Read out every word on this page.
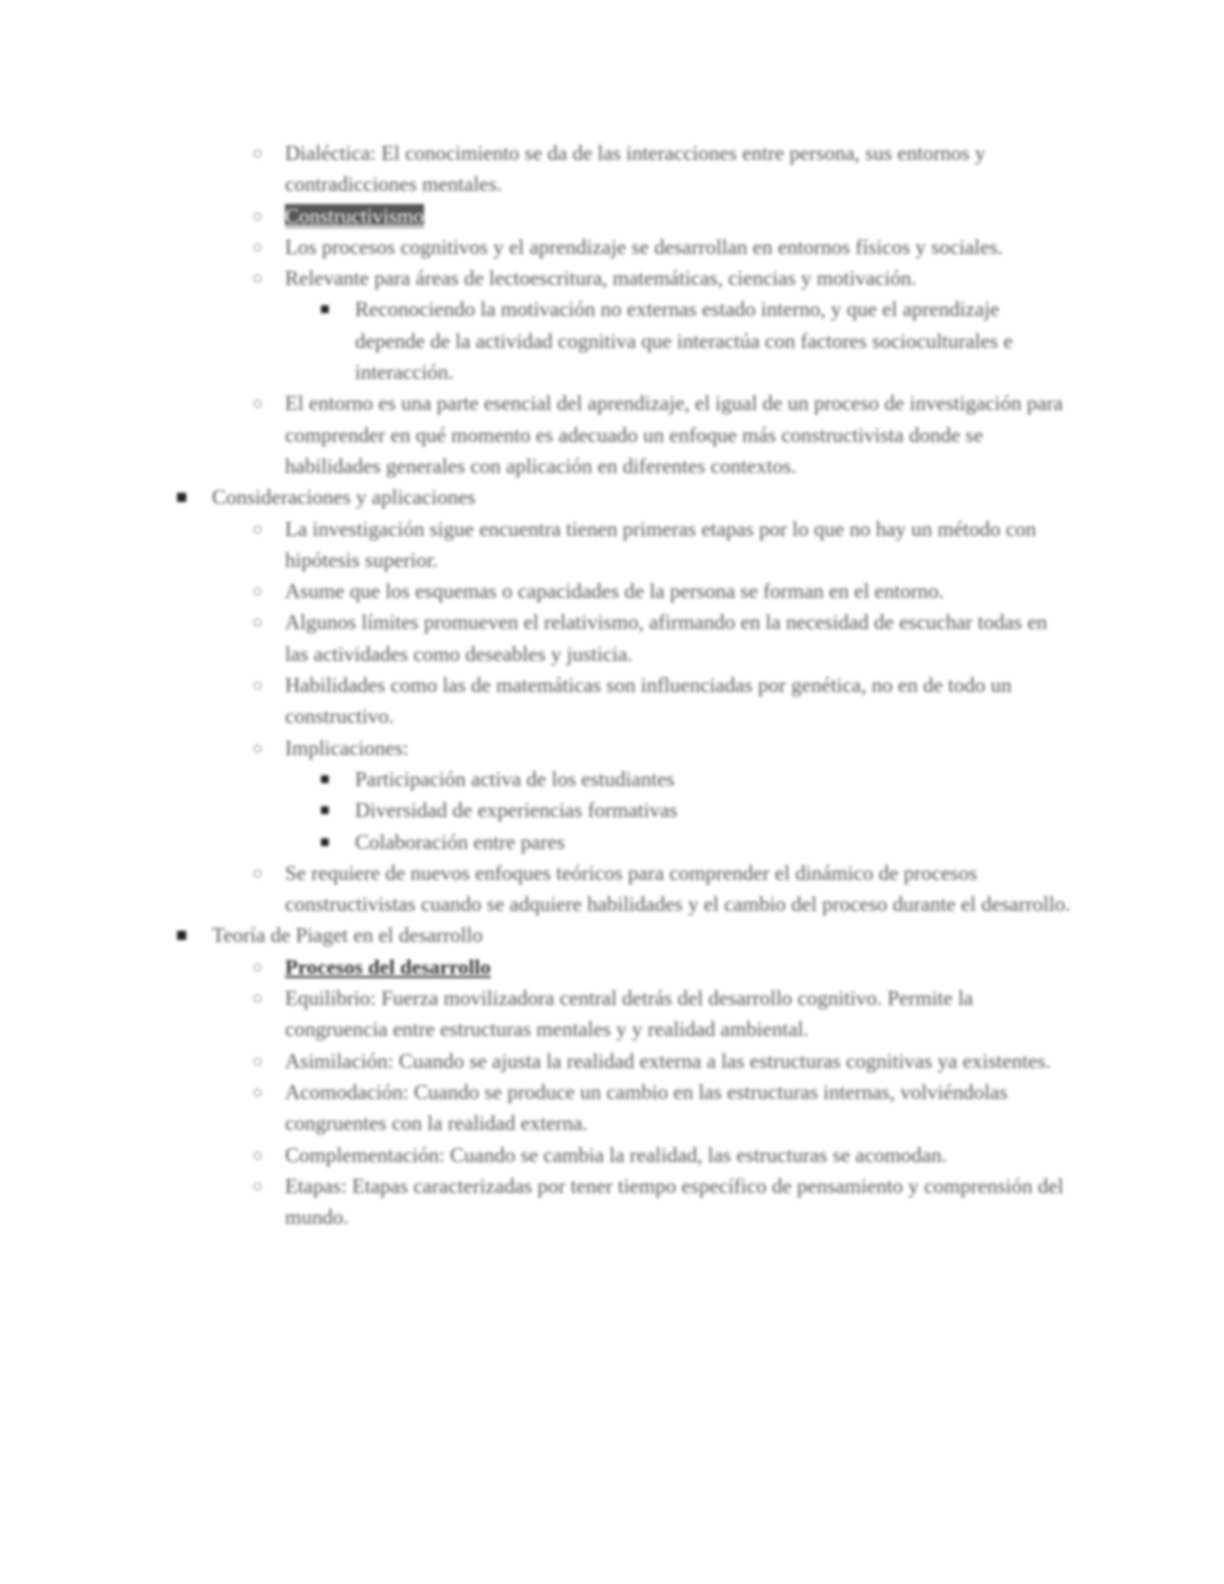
○ Dialéctica: El conocimiento se da de las interacciones entre persona, sus entornos y contradicciones mentales.
○ Constructivismo
○ Los procesos cognitivos y el aprendizaje se desarrollan en entornos físicos y sociales.
○ Relevante para áreas de lectoescritura, matemáticas, ciencias y motivación.
■ Reconociendo la motivación no externas estado interno, y que el aprendizaje depende de la actividad cognitiva que interactúa con factores socioculturales e interacción.
○ El entorno es una parte esencial del aprendizaje, el igual de un proceso de investigación para comprender en qué momento es adecuado un enfoque más constructivista donde se habilidades generales con aplicación en diferentes contextos.
■ Consideraciones y aplicaciones
○ La investigación sigue encuentra tienen primeras etapas por lo que no hay un método con hipótesis superior.
○ Asume que los esquemas o capacidades de la persona se forman en el entorno.
○ Algunos límites promueven el relativismo, afirmando en la necesidad de escuchar todas en las actividades como deseables y justicia.
○ Habilidades como las de matemáticas son influenciadas por genética, no en de todo un constructivo.
○ Implicaciones:
■ Participación activa de los estudiantes
■ Diversidad de experiencias formativas
■ Colaboración entre pares
○ Se requiere de nuevos enfoques teóricos para comprender el dinámico de procesos constructivistas cuando se adquiere habilidades y el cambio del proceso durante el desarrollo.
■ Teoría de Piaget en el desarrollo
○ Procesos del desarrollo
○ Equilibrio: Fuerza movilizadora central detrás del desarrollo cognitivo. Permite la congruencia entre estructuras mentales y y realidad ambiental.
○ Asimilación: Cuando se ajusta la realidad externa a las estructuras cognitivas ya existentes.
○ Acomodación: Cuando se produce un cambio en las estructuras internas, volviéndolas congruentes con la realidad externa.
○ Complementación: Cuando se cambia la realidad, las estructuras se acomodan.
○ Etapas: Etapas caracterizadas por tener tiempo específico de pensamiento y comprensión del mundo.
